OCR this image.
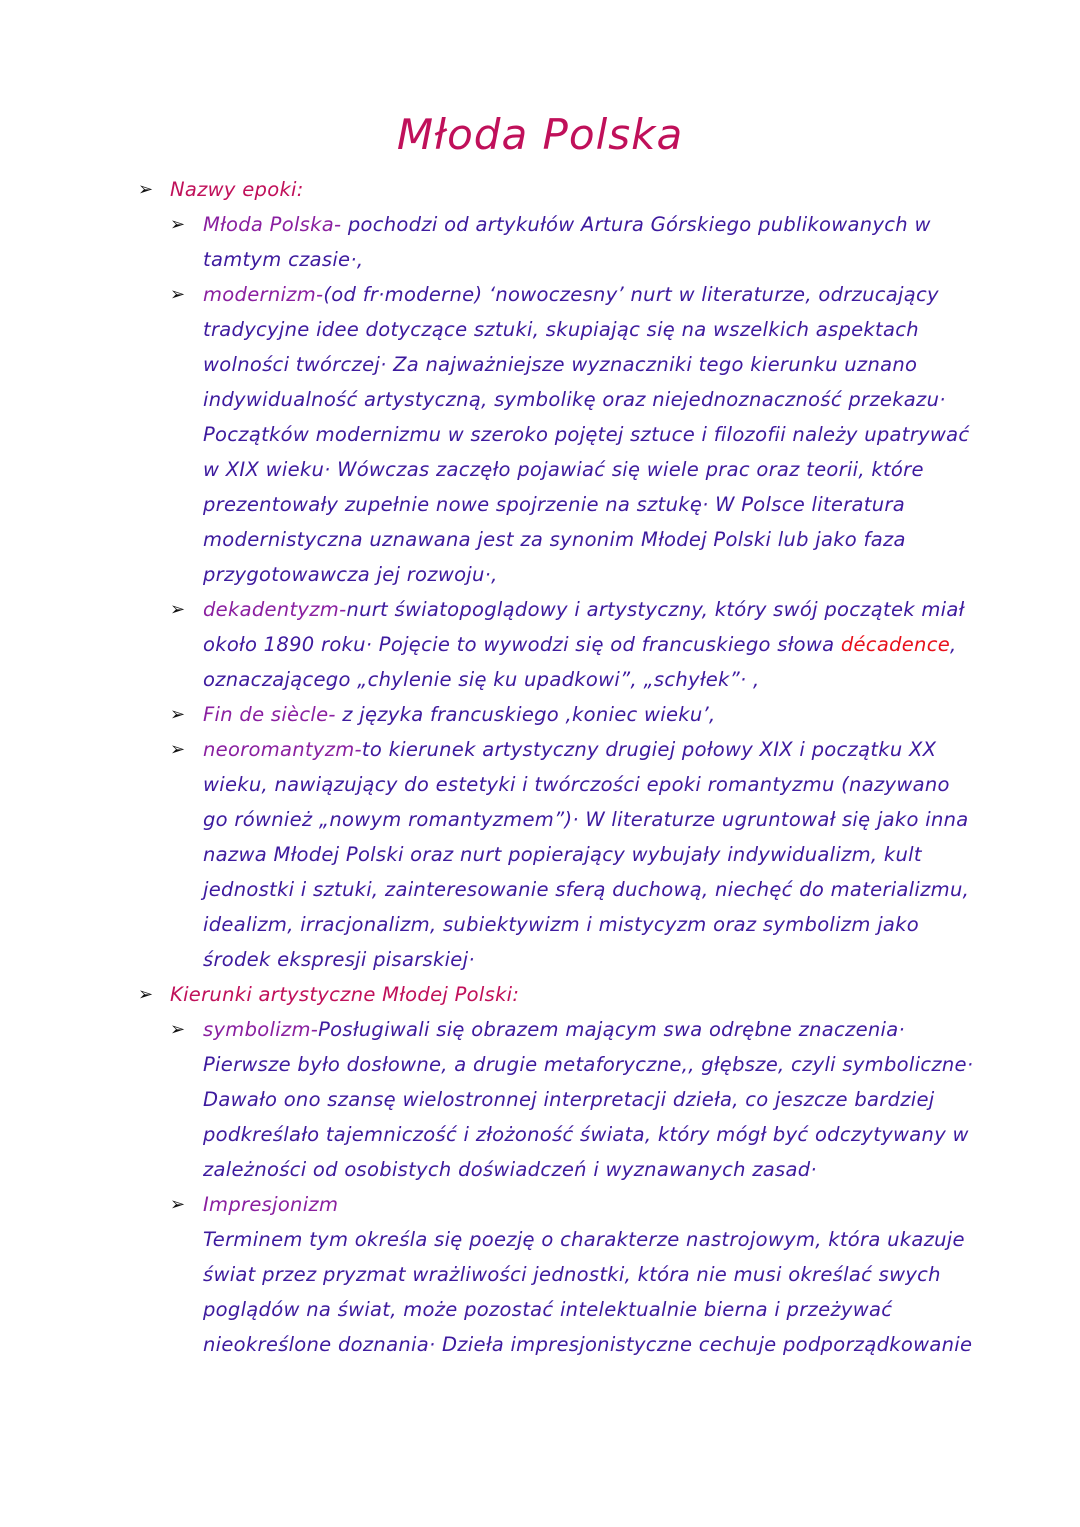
Młoda Polska
➢ Nazwy epoki:
➢ Młoda Polska- pochodzi od artykułów Artura Górskiego publikowanych w tamtym czasie·,
➢ modernizm-(od fr·moderne) ‘nowoczesny’ nurt w literaturze, odrzucający tradycyjne idee dotyczące sztuki, skupiając się na wszelkich aspektach wolności twórczej· Za najważniejsze wyznaczniki tego kierunku uznano indywidualność artystyczną, symbolikę oraz niejednoznaczność przekazu· Początków modernizmu w szeroko pojętej sztuce i filozofii należy upatrywać w XIX wieku· Wówczas zaczęło pojawiać się wiele prac oraz teorii, które prezentowały zupełnie nowe spojrzenie na sztukę· W Polsce literatura modernistyczna uznawana jest za synonim Młodej Polski lub jako faza przygotowawcza jej rozwoju·,
➢ dekadentyzm-nurt światopoglądowy i artystyczny, który swój początek miał około 1890 roku· Pojęcie to wywodzi się od francuskiego słowa décadence, oznaczającego „chylenie się ku upadkowi”, „schyłek”· ,
➢ Fin de siècle- z języka francuskiego ‚koniec wieku’,
➢ neoromantyzm-to kierunek artystyczny drugiej połowy XIX i początku XX wieku, nawiązujący do estetyki i twórczości epoki romantyzmu (nazywano go również „nowym romantyzmem”)· W literaturze ugruntował się jako inna nazwa Młodej Polski oraz nurt popierający wybujały indywidualizm, kult jednostki i sztuki, zainteresowanie sferą duchową, niechęć do materializmu, idealizm, irracjonalizm, subiektywizm i mistycyzm oraz symbolizm jako środek ekspresji pisarskiej·
➢ Kierunki artystyczne Młodej Polski:
➢ symbolizm-Posługiwali się obrazem mającym swa odrębne znaczenia· Pierwsze było dosłowne, a drugie metaforyczne,, głębsze, czyli symboliczne· Dawało ono szansę wielostronnej interpretacji dzieła, co jeszcze bardziej podkreślało tajemniczość i złożoność świata, który mógł być odczytywany w zależności od osobistych doświadczeń i wyznawanych zasad·
➢ Impresjonizm
Terminem tym określa się poezję o charakterze nastrojowym, która ukazuje świat przez pryzmat wrażliwości jednostki, która nie musi określać swych poglądów na świat, może pozostać intelektualnie bierna i przeżywać nieokreślone doznania· Dzieła impresjonistyczne cechuje podporządkowanie
